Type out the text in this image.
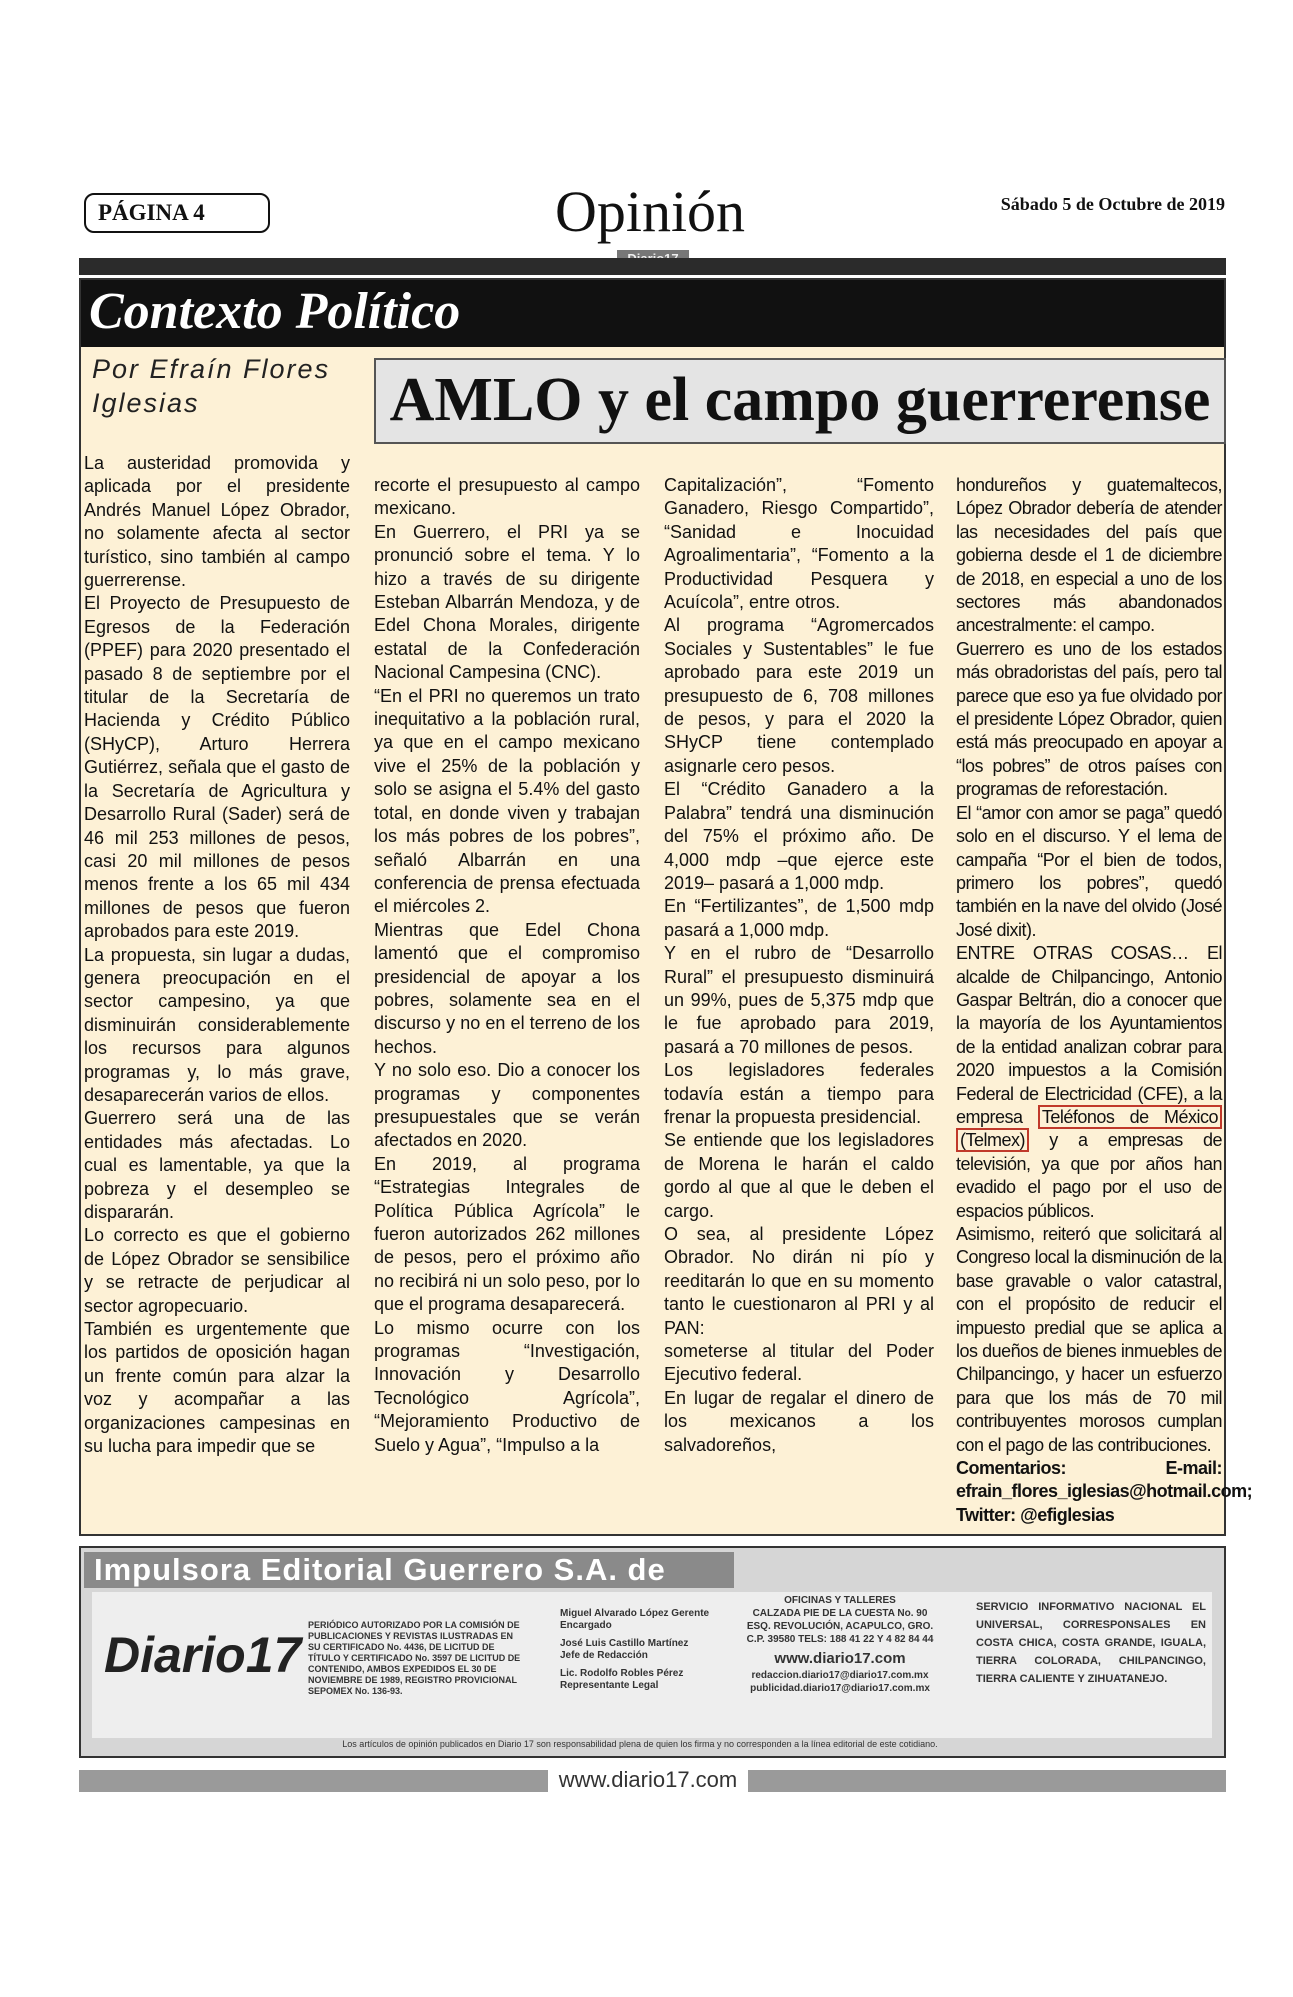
PÁGINA 4	Opinión	Sábado 5 de Octubre de 2019
Contexto Político
Por Efraín Flores Iglesias	AMLO y el campo guerrerense

La austeridad promovida y aplicada por el presidente Andrés Manuel López Obrador, no solamente afecta al sector turístico, sino también al campo guerrerense.

El Proyecto de Presupuesto de Egresos de la Federación (PPEF) para 2020 presentado el pasado 8 de septiembre por el titular de la Secretaría de Hacienda y Crédito Público (SHyCP), Arturo Herrera Gutiérrez, señala que el gasto de la Secretaría de Agricultura y Desarrollo Rural (Sader) será de 46 mil 253 millones de pesos, casi 20 mil millones de pesos menos frente a los 65 mil 434 millones de pesos que fueron aprobados para este 2019.

La propuesta, sin lugar a dudas, genera preocupación en el sector campesino, ya que disminuirán considerablemente los recursos para algunos programas y, lo más grave, desaparecerán varios de ellos.

Guerrero será una de las entidades más afectadas. Lo cual es lamentable, ya que la pobreza y el desempleo se dispararán.

Lo correcto es que el gobierno de López Obrador se sensibilice y se retracte de perjudicar al sector agropecuario.

También es urgentemente que los partidos de oposición hagan un frente común para alzar la voz y acompañar a las organizaciones campesinas en su lucha para impedir que se

recorte el presupuesto al campo mexicano.

En Guerrero, el PRI ya se pronunció sobre el tema. Y lo hizo a través de su dirigente Esteban Albarrán Mendoza, y de Edel Chona Morales, dirigente estatal de la Confederación Nacional Campesina (CNC).

“En el PRI no queremos un trato inequitativo a la población rural, ya que en el campo mexicano vive el 25% de la población y solo se asigna el 5.4% del gasto total, en donde viven y trabajan los más pobres de los pobres”, señaló Albarrán en una conferencia de prensa efectuada el miércoles 2.

Mientras que Edel Chona lamentó que el compromiso presidencial de apoyar a los pobres, solamente sea en el discurso y no en el terreno de los hechos.

Y no solo eso. Dio a conocer los programas y componentes presupuestales que se verán afectados en 2020.

En 2019, al programa “Estrategias Integrales de Política Pública Agrícola” le fueron autorizados 262 millones de pesos, pero el próximo año no recibirá ni un solo peso, por lo que el programa desaparecerá.

Lo mismo ocurre con los programas “Investigación, Innovación y Desarrollo Tecnológico Agrícola”, “Mejoramiento Productivo de Suelo y Agua”, “Impulso a la

Capitalización”, “Fomento Ganadero, Riesgo Compartido”, “Sanidad e Inocuidad Agroalimentaria”, “Fomento a la Productividad Pesquera y Acuícola”, entre otros.

Al programa “Agromercados Sociales y Sustentables” le fue aprobado para este 2019 un presupuesto de 6, 708 millones de pesos, y para el 2020 la SHyCP tiene contemplado asignarle cero pesos.

El “Crédito Ganadero a la Palabra” tendrá una disminución del 75% el próximo año. De 4,000 mdp –que ejerce este 2019– pasará a 1,000 mdp.

En “Fertilizantes”, de 1,500 mdp pasará a 1,000 mdp.

Y en el rubro de “Desarrollo Rural” el presupuesto disminuirá un 99%, pues de 5,375 mdp que le fue aprobado para 2019, pasará a 70 millones de pesos.

Los legisladores federales todavía están a tiempo para frenar la propuesta presidencial.

Se entiende que los legisladores de Morena le harán el caldo gordo al que al que le deben el cargo.

O sea, al presidente López Obrador. No dirán ni pío y reeditarán lo que en su momento tanto le cuestionaron al PRI y al PAN:

someterse al titular del Poder Ejecutivo federal.

En lugar de regalar el dinero de los mexicanos a los salvadoreños,

hondureños y guatemaltecos, López Obrador debería de atender las necesidades del país que gobierna desde el 1 de diciembre de 2018, en especial a uno de los sectores más abandonados ancestralmente: el campo.

Guerrero es uno de los estados más obradoristas del país, pero tal parece que eso ya fue olvidado por el presidente López Obrador, quien está más preocupado en apoyar a “los pobres” de otros países con programas de reforestación.

El “amor con amor se paga” quedó solo en el discurso. Y el lema de campaña “Por el bien de todos, primero los pobres”, quedó también en la nave del olvido (José José dixit).

ENTRE OTRAS COSAS… El alcalde de Chilpancingo, Antonio Gaspar Beltrán, dio a conocer que la mayoría de los Ayuntamientos de la entidad analizan cobrar para 2020 impuestos a la Comisión Federal de Electricidad (CFE), a la empresa Teléfonos de México (Telmex) y a empresas de televisión, ya que por años han evadido el pago por el uso de espacios públicos.

Asimismo, reiteró que solicitará al Congreso local la disminución de la base gravable o valor catastral, con el propósito de reducir el impuesto predial que se aplica a los dueños de bienes inmuebles de Chilpancingo, y hacer un esfuerzo para que los más de 70 mil contribuyentes morosos cumplan con el pago de las contribuciones.

Comentarios: E-mail: efrain_flores_iglesias@hotmail.com; Twitter: @efiglesias

Impulsora Editorial Guerrero S.A. de
Diario17
PERIÓDICO AUTORIZADO POR LA COMISIÓN DE PUBLICACIONES Y REVISTAS ILUSTRADAS EN SU CERTIFICADO No. 4436, DE LICITUD DE TÍTULO Y CERTIFICADO No. 3597 DE LICITUD DE CONTENIDO, AMBOS EXPEDIDOS EL 30 DE NOVIEMBRE DE 1989, REGISTRO PROVICIONAL SEPOMEX No. 136-93.

Miguel Alvarado López Gerente Encargado

José Luis Castillo Martínez Jefe de Redacción

Lic. Rodolfo Robles Pérez Representante Legal

OFICINAS Y TALLERES

CALZADA PIE DE LA CUESTA No. 90

ESQ. REVOLUCIÓN, ACAPULCO, GRO.

C.P. 39580 TELS: 188 41 22 Y 4 82 84 44

www.diario17.com

redaccion.diario17@diario17.com.mx

publicidad.diario17@diario17.com.mx

SERVICIO INFORMATIVO NACIONAL EL UNIVERSAL, CORRESPONSALES EN COSTA CHICA, COSTA GRANDE, IGUALA, TIERRA COLORADA, CHILPANCINGO, TIERRA CALIENTE Y ZIHUATANEJO.
Los artículos de opinión publicados en Diario 17 son responsabilidad plena de quien los firma y no corresponden a la línea editorial de este cotidiano.
www.diario17.com
